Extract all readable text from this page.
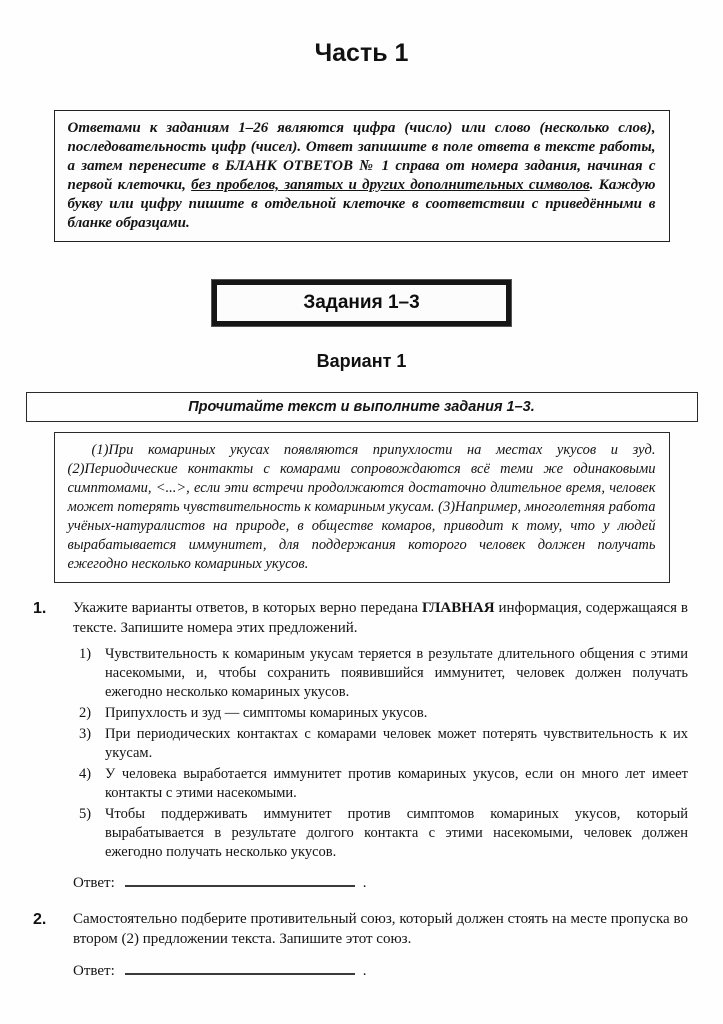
Часть 1

Ответами к заданиям 1–26 являются цифра (число) или слово (несколько слов), последовательность цифр (чисел). Ответ запишите в поле ответа в тексте работы, а затем перенесите в БЛАНК ОТВЕТОВ № 1 справа от номера задания, начиная с первой клеточки, без пробелов, запятых и других дополнительных символов. Каждую букву или цифру пишите в отдельной клеточке в соответствии с приведёнными в бланке образцами.

Задания 1–3
Вариант 1
Прочитайте текст и выполните задания 1–3.

(1)При комариных укусах появляются припухлости на местах укусов и зуд. (2)Периодические контакты с комарами сопровождаются всё теми же одинаковыми симптомами, <...>, если эти встречи продолжаются достаточно длительное время, человек может потерять чувствительность к комариным укусам. (3)Например, многолетняя работа учёных-натуралистов на природе, в обществе комаров, приводит к тому, что у людей вырабатывается иммунитет, для поддержания которого человек должен получать ежегодно несколько комариных укусов.

1.	Укажите варианты ответов, в которых верно передана ГЛАВНАЯ информация, содержащаяся в тексте. Запишите номера этих предложений.

1) Чувствительность к комариным укусам теряется в результате длительного общения с этими насекомыми, и, чтобы сохранить появившийся иммунитет, человек должен получать ежегодно несколько комариных укусов.
2) Припухлость и зуд — симптомы комариных укусов.
3) При периодических контактах с комарами человек может потерять чувствительность к их укусам.
4) У человека выработается иммунитет против комариных укусов, если он много лет имеет контакты с этими насекомыми.
5) Чтобы поддерживать иммунитет против симптомов комариных укусов, который вырабатывается в результате долгого контакта с этими насекомыми, человек должен ежегодно получать несколько укусов.
Ответ:	.
2.	Самостоятельно подберите противительный союз, который должен стоять на месте пропуска во втором (2) предложении текста. Запишите этот союз.

Ответ:	.
